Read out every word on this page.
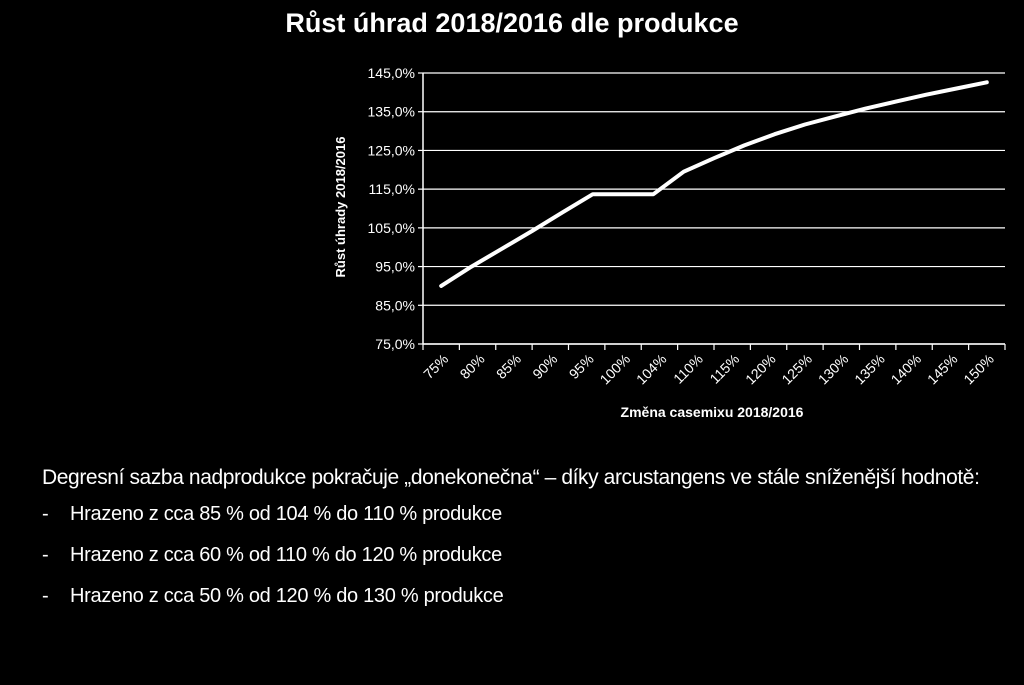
Růst úhrad 2018/2016 dle produkce
75,0%
85,0%
95,0%
105,0%
115,0%
125,0%
135,0%
145,0%
75% 80% 85% 90% 95% 100% 104% 110% 115% 120% 125% 130% 135% 140% 145% 150%
Růst úhrady 2018/2016
Změna casemixu 2018/2016
Degresní sazba nadprodukce pokračuje „donekonečna“ – díky arcustangens ve stále sníženější hodnotě:
-	Hrazeno z cca 85 % od 104 % do 110 % produkce
-	Hrazeno z cca 60 % od 110 % do 120 % produkce
-	Hrazeno z cca 50 % od 120 % do 130 % produkce
